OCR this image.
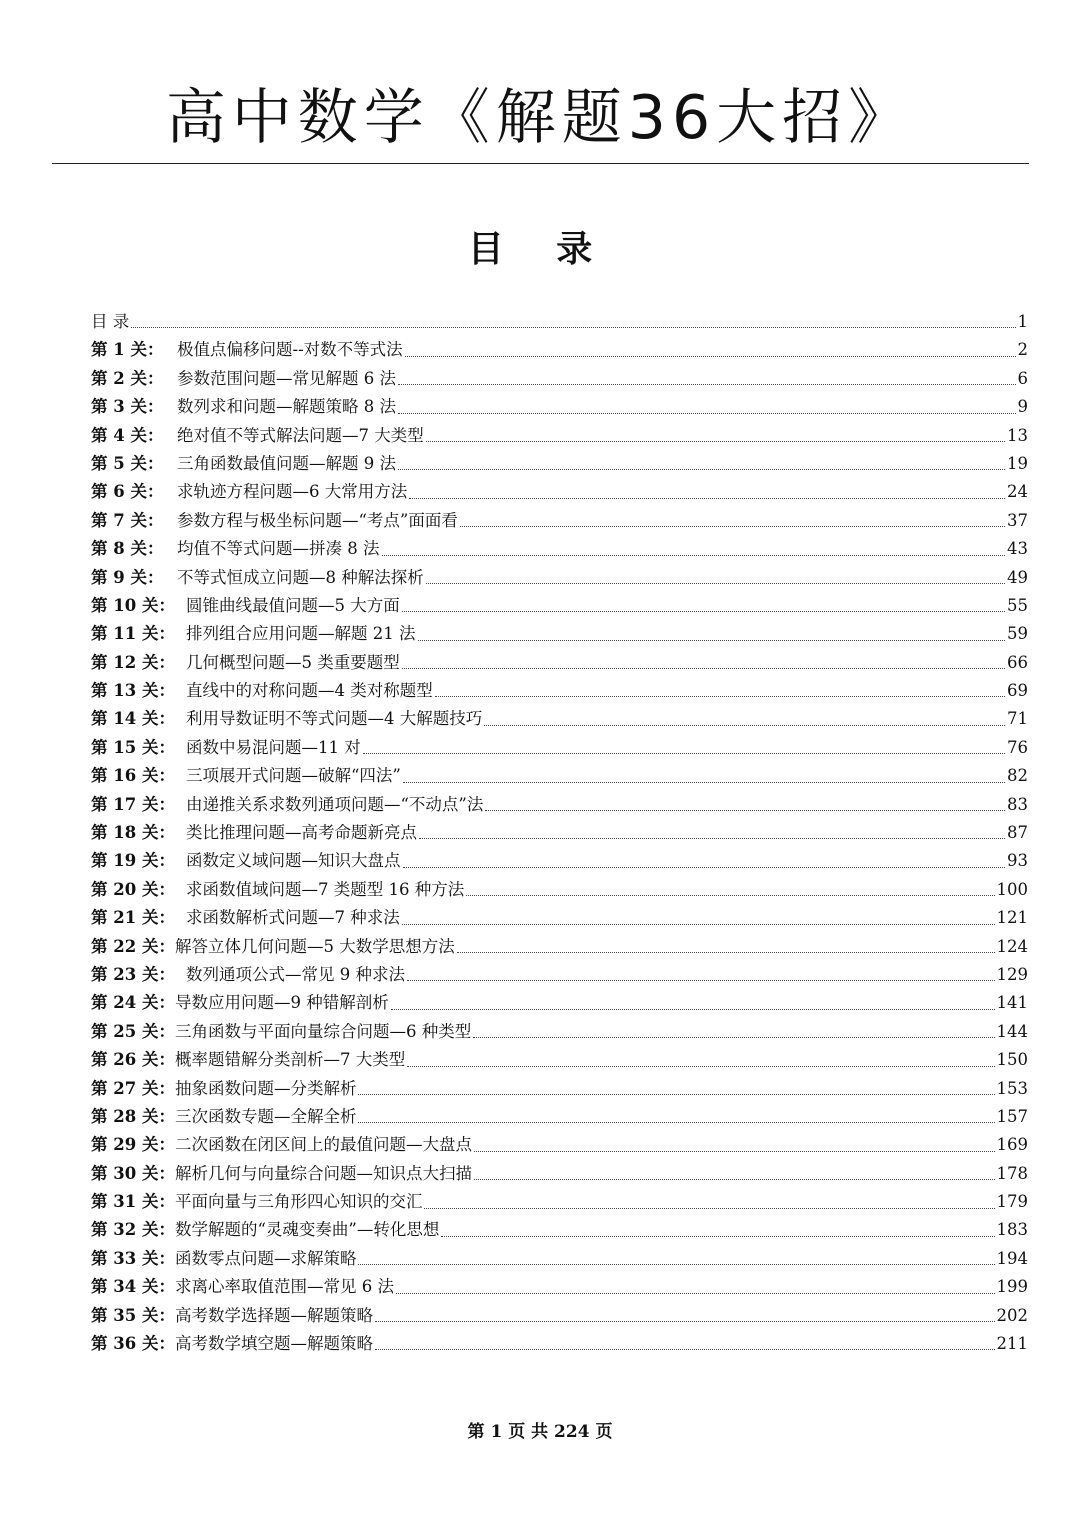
高中数学《解题36大招》
目 录
目 录	1
第 1 关： 极值点偏移问题--对数不等式法	2
第 2 关： 参数范围问题—常见解题 6 法	6
第 3 关： 数列求和问题—解题策略 8 法	9
第 4 关： 绝对值不等式解法问题—7 大类型	13
第 5 关： 三角函数最值问题—解题 9 法	19
第 6 关： 求轨迹方程问题—6 大常用方法	24
第 7 关： 参数方程与极坐标问题—“考点”面面看	37
第 8 关： 均值不等式问题—拼凑 8 法	43
第 9 关： 不等式恒成立问题—8 种解法探析	49
第 10 关： 圆锥曲线最值问题—5 大方面	55
第 11 关： 排列组合应用问题—解题 21 法	59
第 12 关： 几何概型问题—5 类重要题型	66
第 13 关： 直线中的对称问题—4 类对称题型	69
第 14 关： 利用导数证明不等式问题—4 大解题技巧	71
第 15 关： 函数中易混问题—11 对	76
第 16 关： 三项展开式问题—破解“四法”	82
第 17 关： 由递推关系求数列通项问题—“不动点”法	83
第 18 关： 类比推理问题—高考命题新亮点	87
第 19 关： 函数定义域问题—知识大盘点	93
第 20 关： 求函数值域问题—7 类题型 16 种方法	100
第 21 关： 求函数解析式问题—7 种求法	121
第 22 关： 解答立体几何问题—5 大数学思想方法	124
第 23 关： 数列通项公式—常见 9 种求法	129
第 24 关： 导数应用问题—9 种错解剖析	141
第 25 关： 三角函数与平面向量综合问题—6 种类型	144
第 26 关： 概率题错解分类剖析—7 大类型	150
第 27 关： 抽象函数问题—分类解析	153
第 28 关： 三次函数专题—全解全析	157
第 29 关： 二次函数在闭区间上的最值问题—大盘点	169
第 30 关： 解析几何与向量综合问题—知识点大扫描	178
第 31 关： 平面向量与三角形四心知识的交汇	179
第 32 关： 数学解题的“灵魂变奏曲”—转化思想	183
第 33 关： 函数零点问题—求解策略	194
第 34 关： 求离心率取值范围—常见 6 法	199
第 35 关： 高考数学选择题—解题策略	202
第 36 关： 高考数学填空题—解题策略	211
第 1 页 共 224 页
